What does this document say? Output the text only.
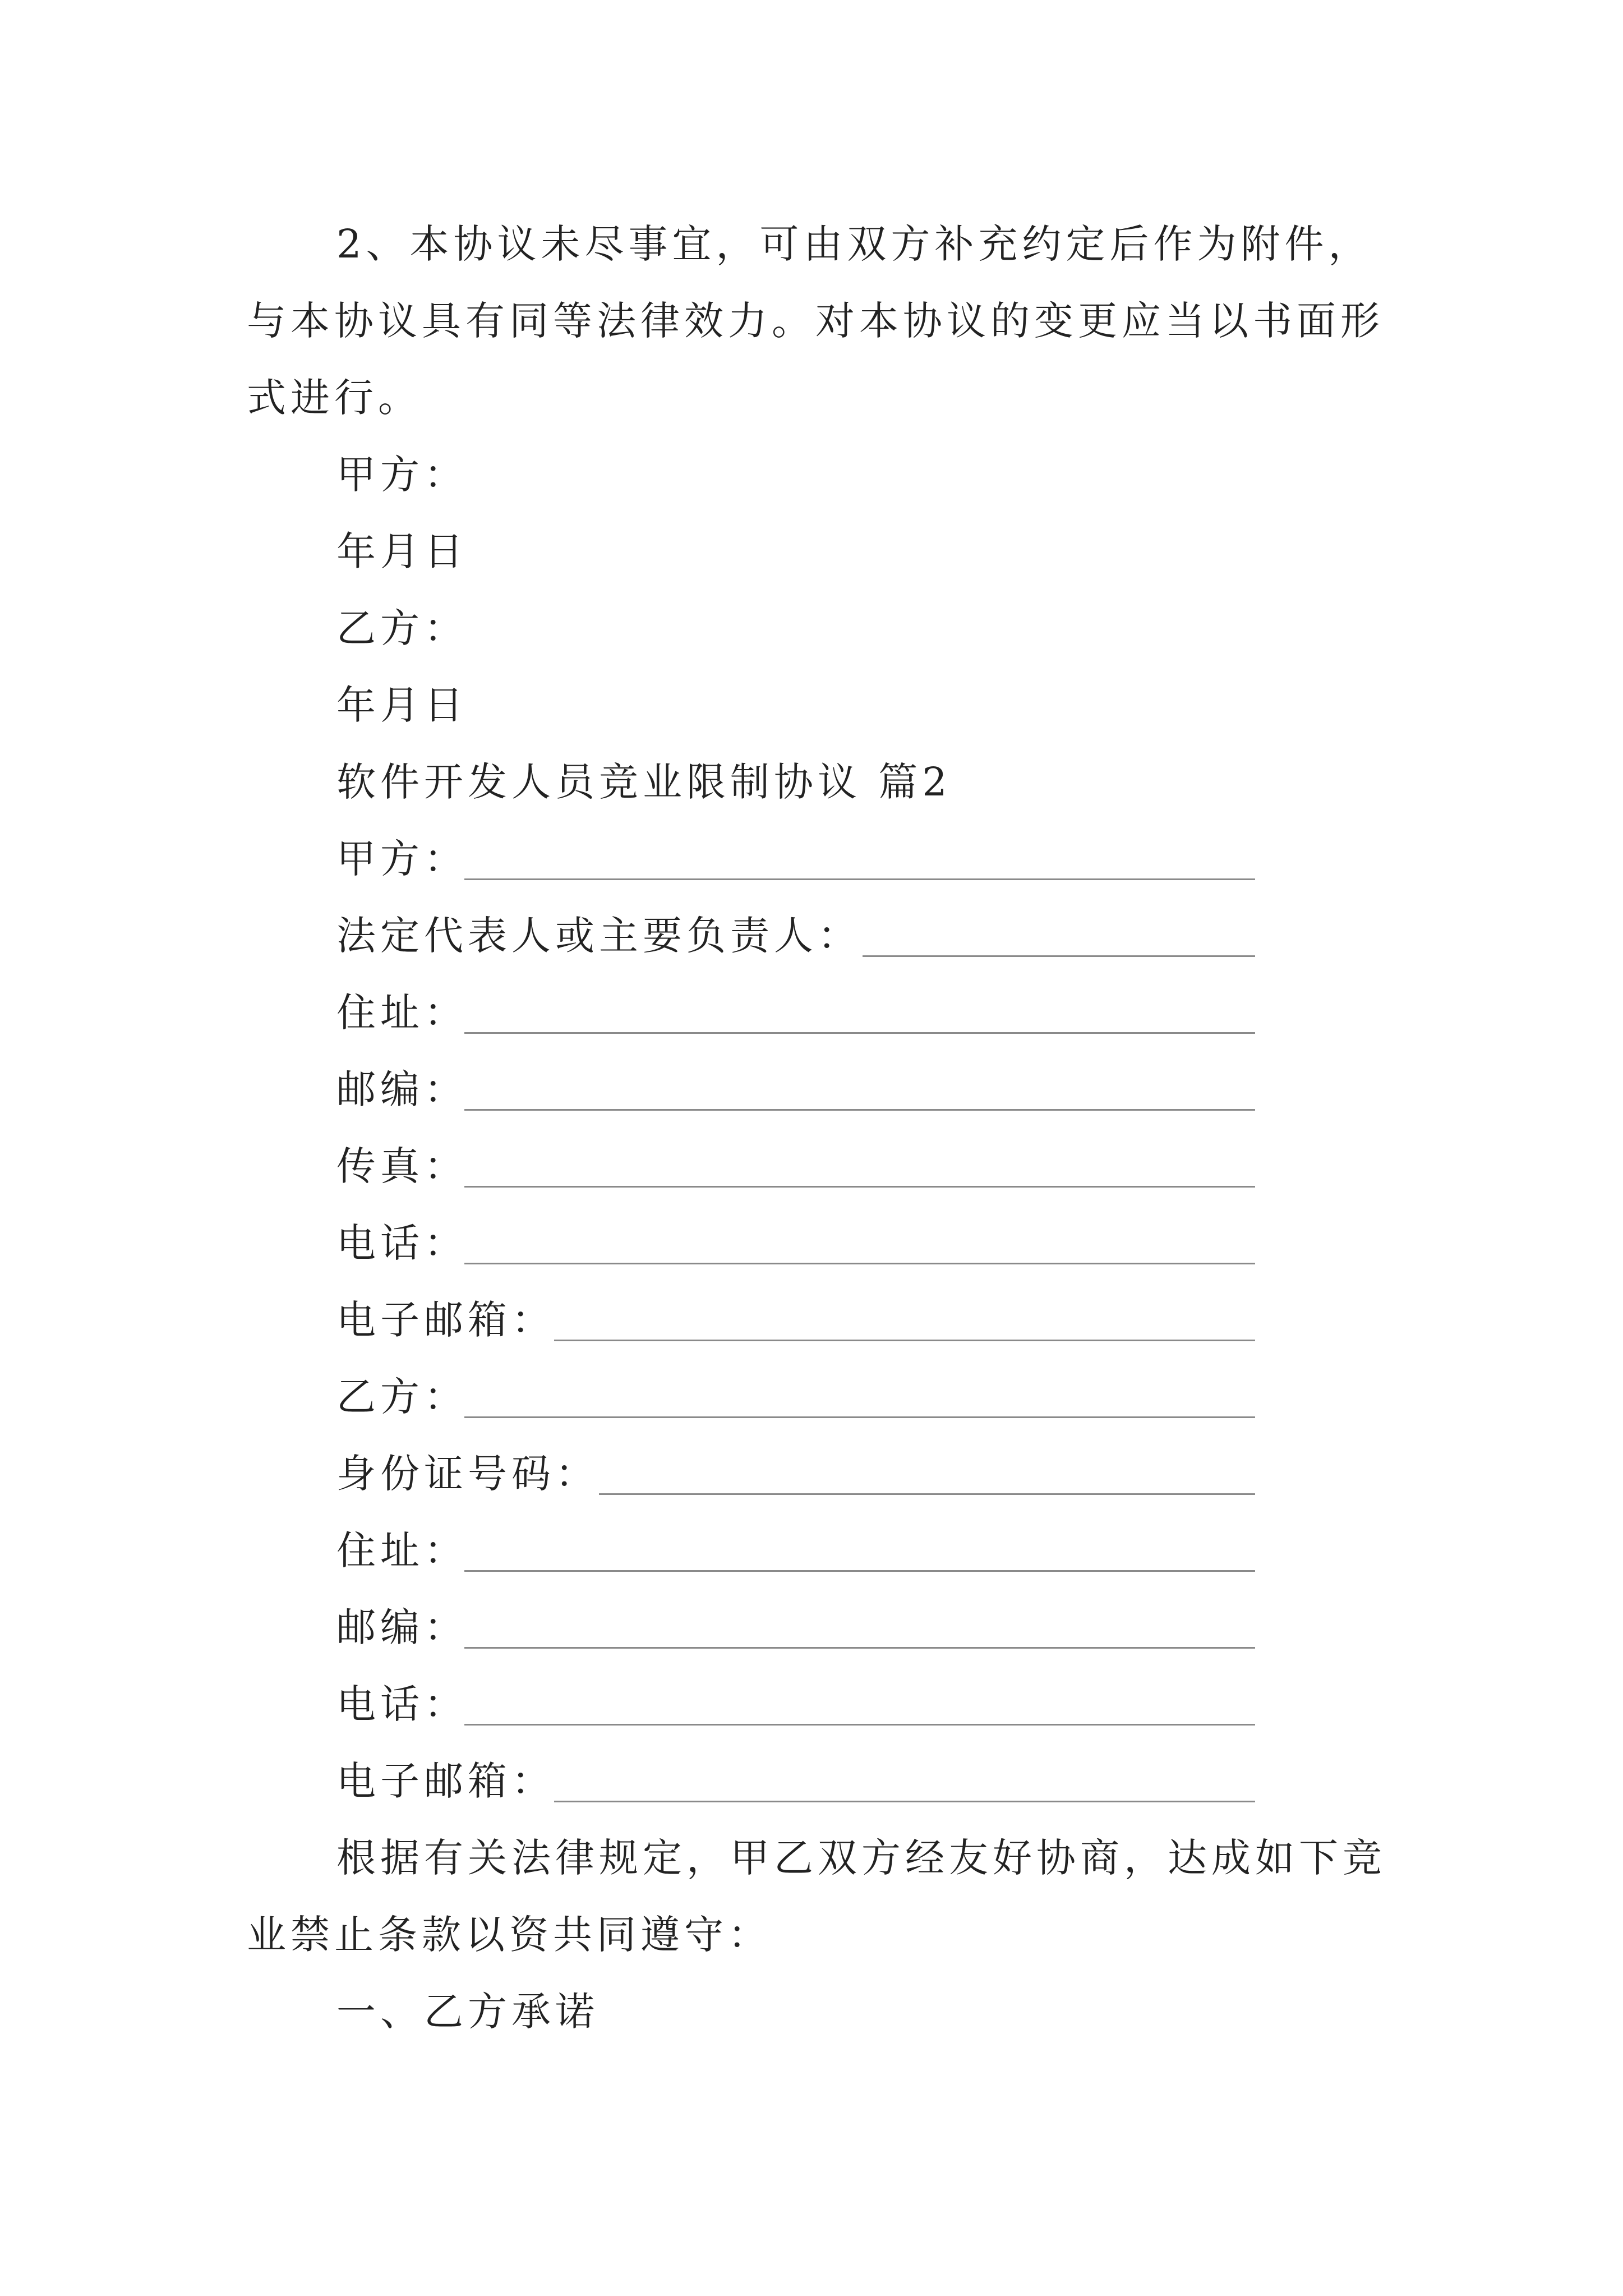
2、本协议未尽事宜，可由双方补充约定后作为附件，
与本协议具有同等法律效力。对本协议的变更应当以书面形
式进行。
甲方：
年月日
乙方：
年月日
软件开发人员竞业限制协议 篇2
甲方：
法定代表人或主要负责人：
住址：
邮编：
传真：
电话：
电子邮箱：
乙方：
身份证号码：
住址：
邮编：
电话：
电子邮箱：
根据有关法律规定，甲乙双方经友好协商，达成如下竞
业禁止条款以资共同遵守：
一、乙方承诺
